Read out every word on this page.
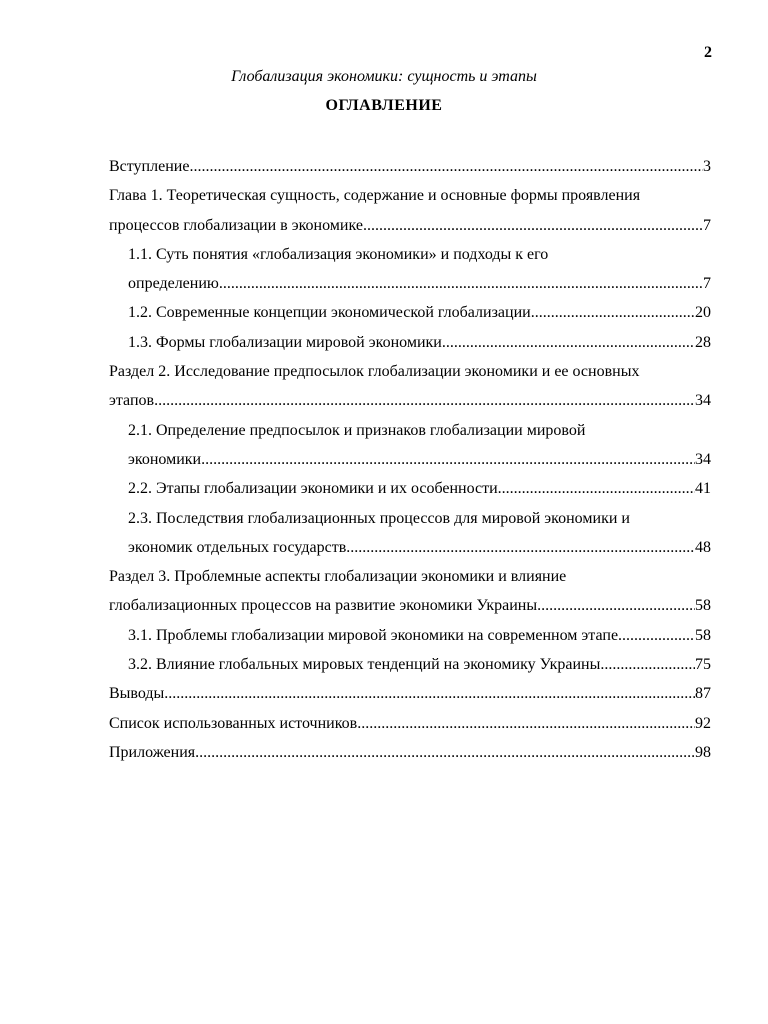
2
Глобализация экономики: сущность и этапы
ОГЛАВЛЕНИЕ
Вступление .....	3
Глава 1. Теоретическая сущность, содержание и основные формы проявления
процессов глобализации в экономике .....	7
1.1. Суть понятия «глобализация экономики» и подходы к его
определению .....	7
1.2. Современные концепции экономической глобализации .....	20
1.3. Формы глобализации мировой экономики .....	28
Раздел 2. Исследование предпосылок глобализации экономики и ее основных
этапов .....	34
2.1. Определение предпосылок и признаков глобализации мировой
экономики .....	34
2.2. Этапы глобализации экономики и их особенности .....	41
2.3. Последствия глобализационных процессов для мировой экономики и
экономик отдельных государств .....	48
Раздел 3. Проблемные аспекты глобализации экономики и влияние
глобализационных процессов на развитие экономики Украины .....	58
3.1. Проблемы глобализации мировой экономики на современном этапе .....	58
3.2. Влияние глобальных мировых тенденций на экономику Украины .....	75
Выводы .....	87
Список использованных источников .....	92
Приложения .....	98
